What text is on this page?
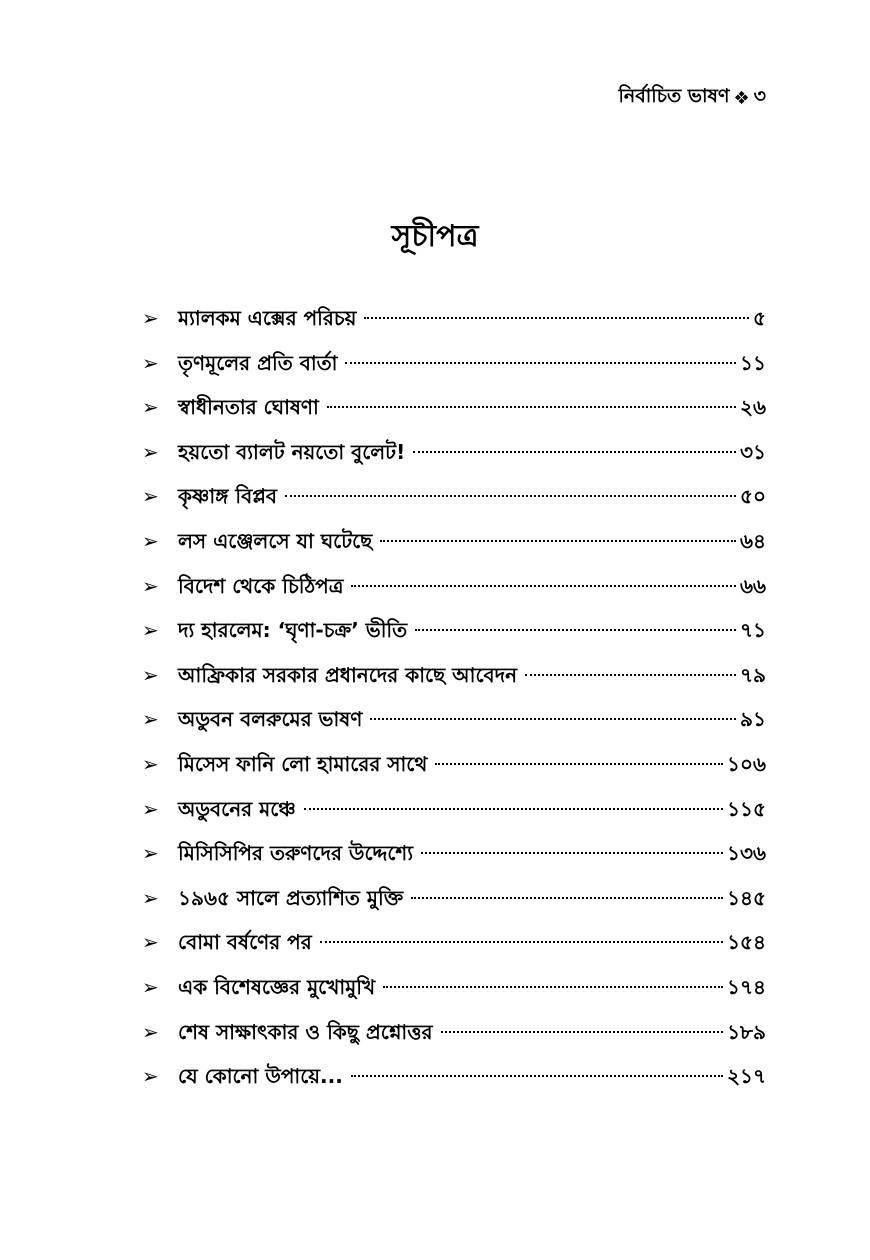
নির্বাচিত ভাষণ ❖ ৩
সূচীপত্র
➢ ম্যালকম এক্সের পরিচয়	৫
➢ তৃণমূলের প্রতি বার্তা	১১
➢ স্বাধীনতার ঘোষণা	২৬
➢ হয়তো ব্যালট নয়তো বুলেট!	৩১
➢ কৃষ্ণাঙ্গ বিপ্লব	৫০
➢ লস এঞ্জেলসে যা ঘটেছে	৬৪
➢ বিদেশ থেকে চিঠিপত্র	৬৬
➢ দ্য হারলেম: ‘ঘৃণা-চক্র’ ভীতি	৭১
➢ আফ্রিকার সরকার প্রধানদের কাছে আবেদন	৭৯
➢ অডুবন বলরুমের ভাষণ	৯১
➢ মিসেস ফানি লো হামারের সাথে	১০৬
➢ অডুবনের মঞ্চে	১১৫
➢ মিসিসিপির তরুণদের উদ্দেশ্যে	১৩৬
➢ ১৯৬৫ সালে প্রত্যাশিত মুক্তি	১৪৫
➢ বোমা বর্ষণের পর	১৫৪
➢ এক বিশেষজ্ঞের মুখোমুখি	১৭৪
➢ শেষ সাক্ষাৎকার ও কিছু প্রশ্নোত্তর	১৮৯
➢ যে কোনো উপায়ে...	২১৭
